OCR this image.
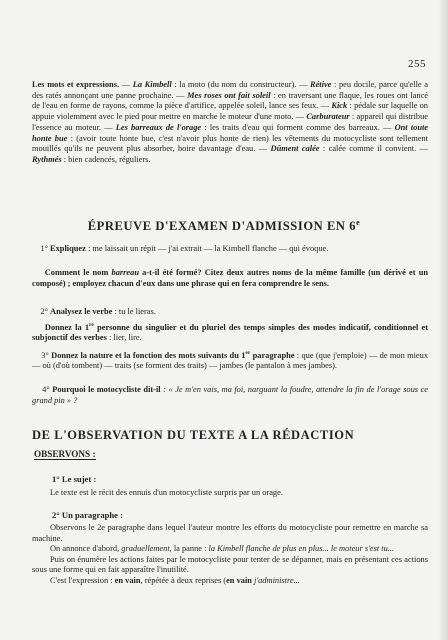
255

Les mots et expressions. — La Kimbell : la moto (du nom du constructeur). — Rétive : peu docile, parce qu'elle a des ratés annonçant une panne prochaine. — Mes roses ont fait soleil : en traversant une flaque, les roues ont lancé de l'eau en forme de rayons, comme la pièce d'artifice, appelée soleil, lance ses feux. — Kick : pédale sur laquelle on appuie violemment avec le pied pour mettre en marche le moteur d'une moto. — Carburateur : appareil qui distribue l'essence au moteur. — Les barreaux de l'orage : les traits d'eau qui forment comme des barreaux. — Ont toute honte bue : (avoir toute honte bue, c'est n'avoir plus honte de rien) les vêtements du motocycliste sont tellement mouillés qu'ils ne peuvent plus absorber, boire davantage d'eau. — Dûment calée : calée comme il convient. — Rythmés : bien cadencés, réguliers.

ÉPREUVE D'EXAMEN D'ADMISSION EN 6e

1° Expliquez : me laissait un répit — j'ai extrait — la Kimbell flanche — qui évoque.

Comment le nom barreau a-t-il été formé? Citez deux autres noms de la même famille (un dérivé et un composé) ; employez chacun d'eux dans une phrase qui en fera comprendre le sens.

2° Analysez le verbe : tu le lieras.

Donnez la 1re personne du singulier et du pluriel des temps simples des modes indicatif, conditionnel et subjonctif des verbes : lier, lire.

3° Donnez la nature et la fonction des mots suivants du 1er paragraphe : que (que j'emploie) — de mon mieux — où (d'où tombent) — traits (se forment des traits) — jambes (le pantalon à mes jambes).

4° Pourquoi le motocycliste dit-il : « Je m'en vais, ma foi, narguant la foudre, attendre la fin de l'orage sous ce grand pin » ?

DE L'OBSERVATION DU TEXTE A LA RÉDACTION
OBSERVONS :
1° Le sujet :

Le texte est le récit des ennuis d'un motocycliste surpris par un orage.

2° Un paragraphe :

Observons le 2e paragraphe dans lequel l'auteur montre les efforts du motocycliste pour remettre en marche sa machine.

On annonce d'abord, graduellement, la panne : la Kimbell flanche de plus en plus... le moteur s'est tu...

Puis on énumère les actions faites par le motocycliste pour tenter de se dépanner, mais en présentant ces actions sous une forme qui en fait apparaître l'inutilité.

C'est l'expression : en vain, répétée à deux reprises (en vain j'administre...
